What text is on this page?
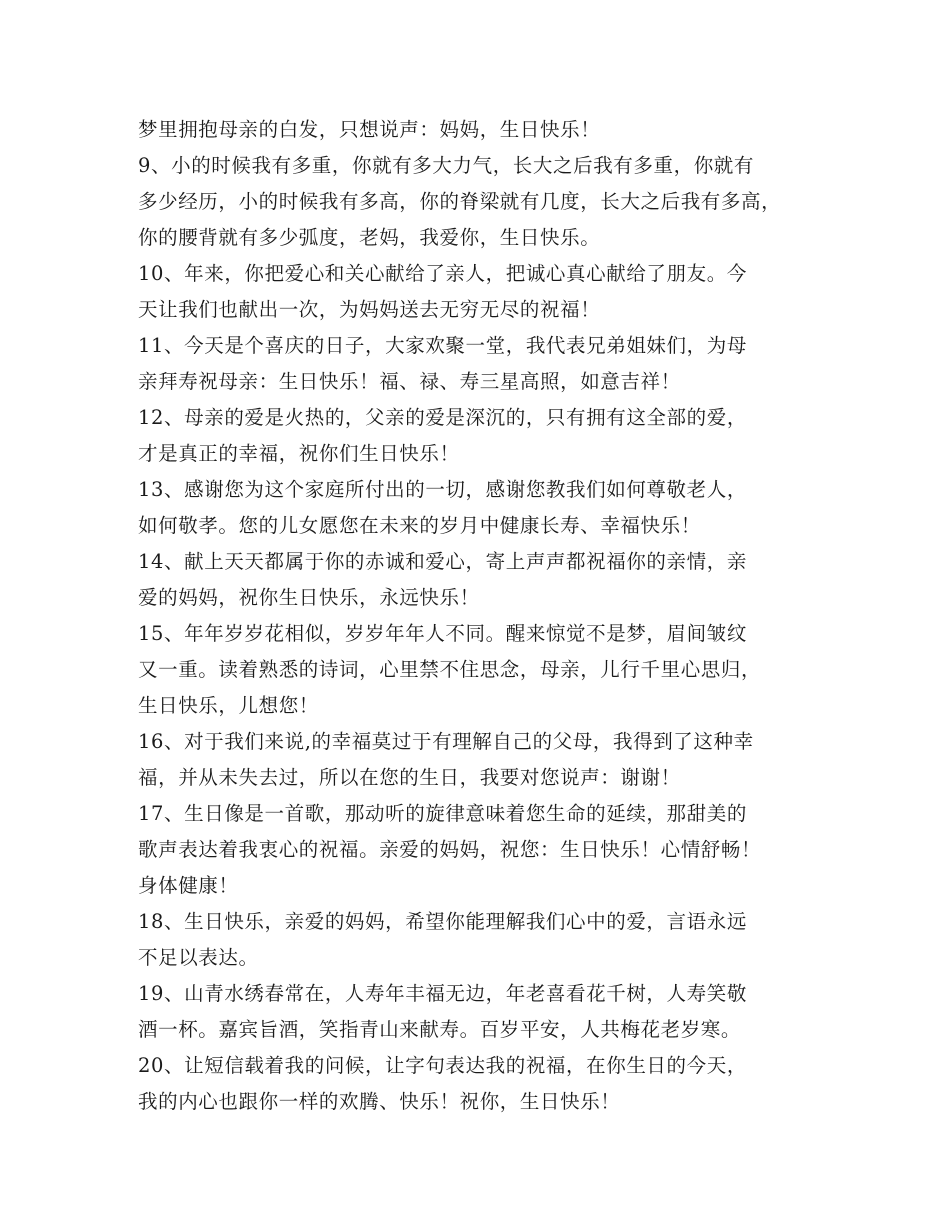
梦里拥抱母亲的白发，只想说声：妈妈，生日快乐！
9、小的时候我有多重，你就有多大力气，长大之后我有多重，你就有
多少经历，小的时候我有多高，你的脊梁就有几度，长大之后我有多高，
你的腰背就有多少弧度，老妈，我爱你，生日快乐。
10、年来，你把爱心和关心献给了亲人，把诚心真心献给了朋友。今
天让我们也献出一次，为妈妈送去无穷无尽的祝福！
11、今天是个喜庆的日子，大家欢聚一堂，我代表兄弟姐妹们，为母
亲拜寿祝母亲：生日快乐！福、禄、寿三星高照，如意吉祥！
12、母亲的爱是火热的，父亲的爱是深沉的，只有拥有这全部的爱，
才是真正的幸福，祝你们生日快乐！
13、感谢您为这个家庭所付出的一切，感谢您教我们如何尊敬老人，
如何敬孝。您的儿女愿您在未来的岁月中健康长寿、幸福快乐！
14、献上天天都属于你的赤诚和爱心，寄上声声都祝福你的亲情，亲
爱的妈妈，祝你生日快乐，永远快乐！
15、年年岁岁花相似，岁岁年年人不同。醒来惊觉不是梦，眉间皱纹
又一重。读着熟悉的诗词，心里禁不住思念，母亲，儿行千里心思归，
生日快乐，儿想您！
16、对于我们来说,的幸福莫过于有理解自己的父母，我得到了这种幸
福，并从未失去过，所以在您的生日，我要对您说声：谢谢！
17、生日像是一首歌，那动听的旋律意味着您生命的延续，那甜美的
歌声表达着我衷心的祝福。亲爱的妈妈，祝您：生日快乐！心情舒畅！
身体健康！
18、生日快乐，亲爱的妈妈，希望你能理解我们心中的爱，言语永远
不足以表达。
19、山青水绣春常在，人寿年丰福无边，年老喜看花千树，人寿笑敬
酒一杯。嘉宾旨酒，笑指青山来献寿。百岁平安，人共梅花老岁寒。
20、让短信载着我的问候，让字句表达我的祝福，在你生日的今天，
我的内心也跟你一样的欢腾、快乐！祝你，生日快乐！
